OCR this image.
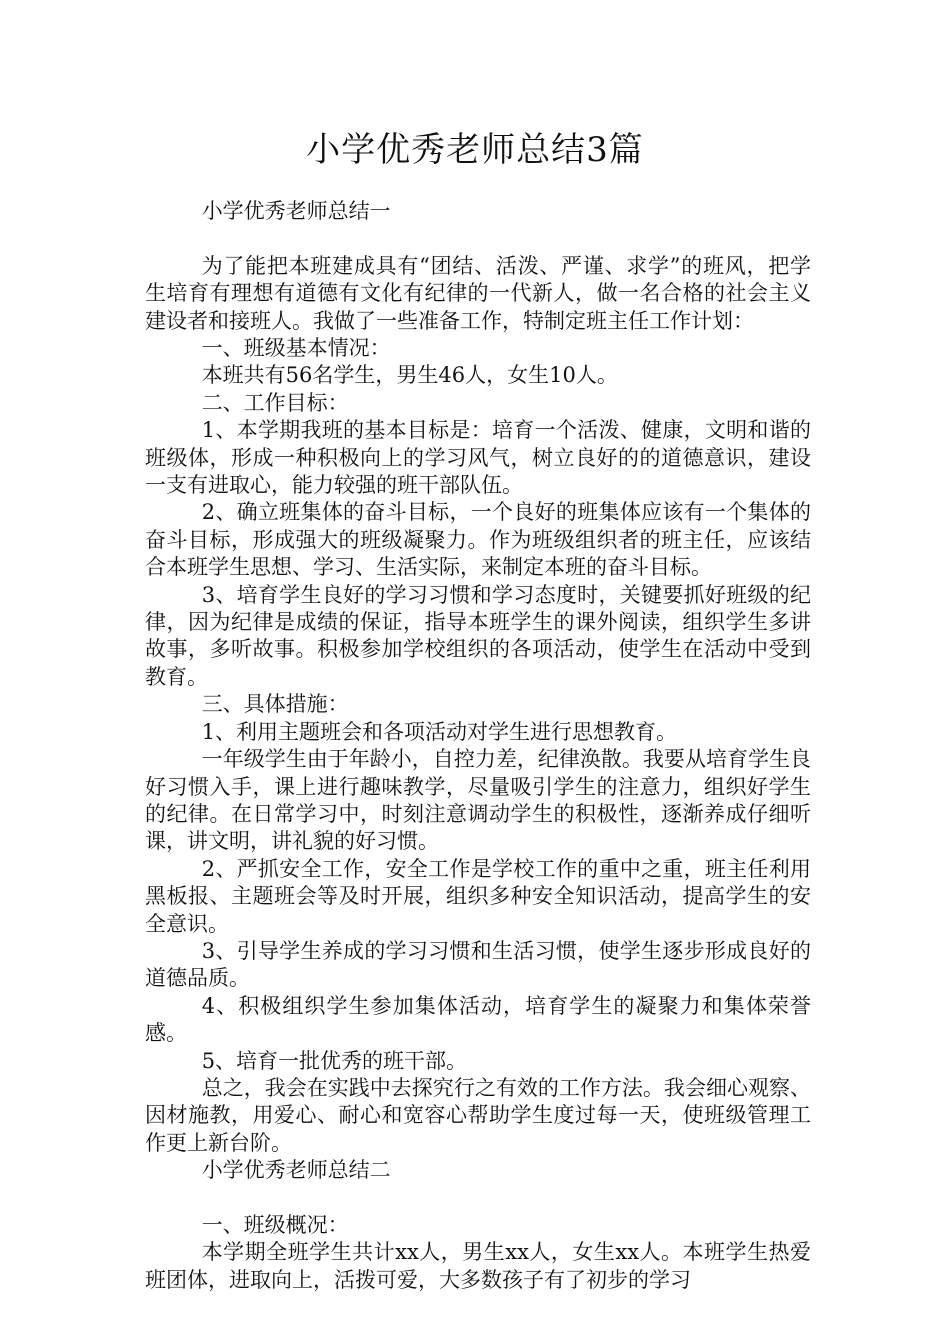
小学优秀老师总结3篇

小学优秀老师总结一

为了能把本班建成具有“团结、活泼、严谨、求学”的班风，把学生培育有理想有道德有文化有纪律的一代新人，做一名合格的社会主义建设者和接班人。我做了一些准备工作，特制定班主任工作计划：

一、班级基本情况：

本班共有56名学生，男生46人，女生10人。

二、工作目标：

1、本学期我班的基本目标是：培育一个活泼、健康，文明和谐的班级体，形成一种积极向上的学习风气，树立良好的的道德意识，建设一支有进取心，能力较强的班干部队伍。

2、确立班集体的奋斗目标，一个良好的班集体应该有一个集体的奋斗目标，形成强大的班级凝聚力。作为班级组织者的班主任，应该结合本班学生思想、学习、生活实际，来制定本班的奋斗目标。

3、培育学生良好的学习习惯和学习态度时，关键要抓好班级的纪律，因为纪律是成绩的保证，指导本班学生的课外阅读，组织学生多讲故事，多听故事。积极参加学校组织的各项活动，使学生在活动中受到教育。

三、具体措施：

1、利用主题班会和各项活动对学生进行思想教育。

一年级学生由于年龄小，自控力差，纪律涣散。我要从培育学生良好习惯入手，课上进行趣味教学，尽量吸引学生的注意力，组织好学生的纪律。在日常学习中，时刻注意调动学生的积极性，逐渐养成仔细听课，讲文明，讲礼貌的好习惯。

2、严抓安全工作，安全工作是学校工作的重中之重，班主任利用黑板报、主题班会等及时开展，组织多种安全知识活动，提高学生的安全意识。

3、引导学生养成的学习习惯和生活习惯，使学生逐步形成良好的道德品质。

4、积极组织学生参加集体活动，培育学生的凝聚力和集体荣誉感。

5、培育一批优秀的班干部。

总之，我会在实践中去探究行之有效的工作方法。我会细心观察、因材施教，用爱心、耐心和宽容心帮助学生度过每一天，使班级管理工作更上新台阶。

小学优秀老师总结二

一、班级概况：

本学期全班学生共计xx人，男生xx人，女生xx人。本班学生热爱班团体，进取向上，活拨可爱，大多数孩子有了初步的学习
